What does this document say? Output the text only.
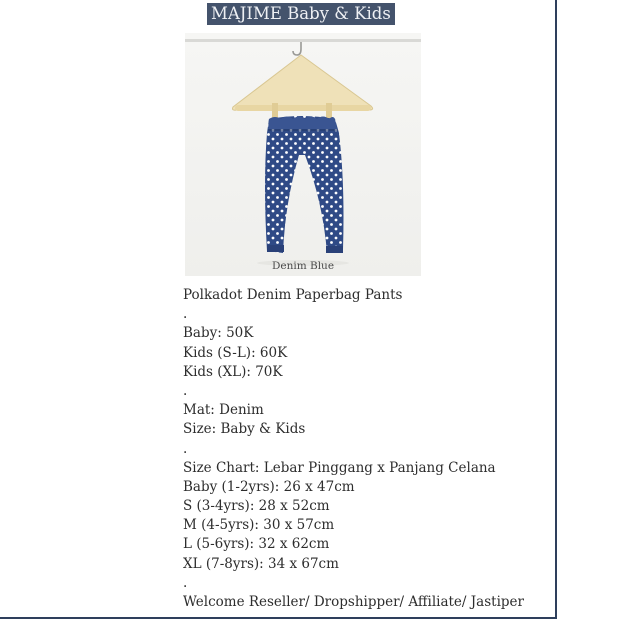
MAJIME Baby & Kids
Denim Blue
Polkadot Denim Paperbag Pants
.
Baby: 50K
Kids (S-L): 60K
Kids (XL): 70K
.
Mat: Denim
Size: Baby & Kids
.
Size Chart: Lebar Pinggang x Panjang Celana
Baby (1-2yrs): 26 x 47cm
S (3-4yrs): 28 x 52cm
M (4-5yrs): 30 x 57cm
L (5-6yrs): 32 x 62cm
XL (7-8yrs): 34 x 67cm
.
Welcome Reseller/ Dropshipper/ Affiliate/ Jastiper
